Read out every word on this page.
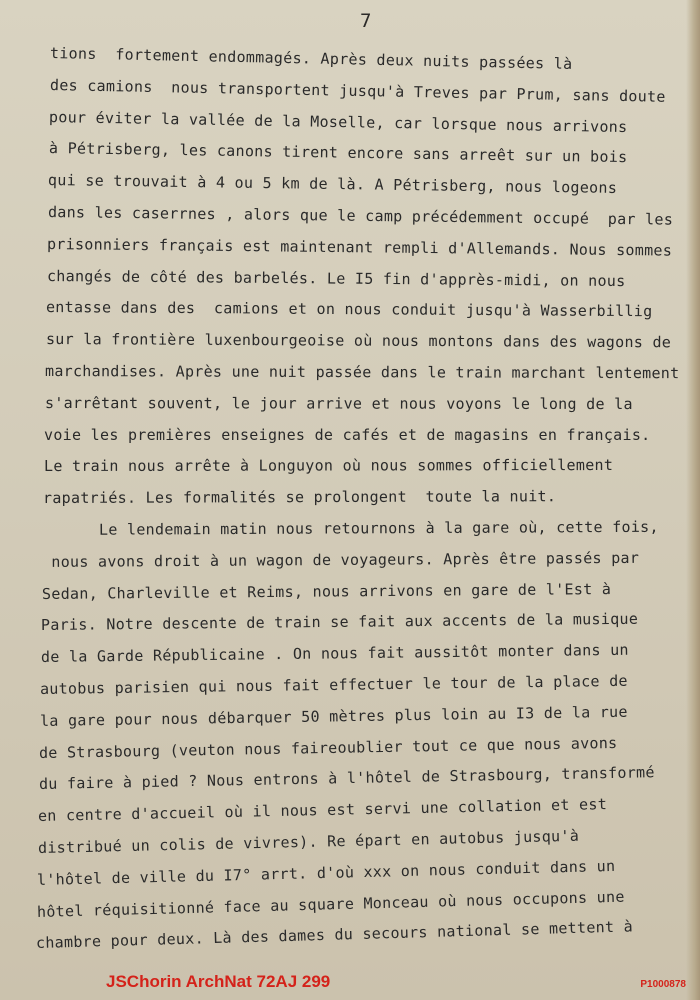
7
tions  fortement endommagés. Après deux nuits passées là
des camions  nous transportent jusqu'à Treves par Prum, sans doute
pour éviter la vallée de la Moselle, car lorsque nous arrivons
à Pétrisberg, les canons tirent encore sans arreêt sur un bois
qui se trouvait à 4 ou 5 km de là. A Pétrisberg, nous logeons
dans les caserrnes , alors que le camp précédemment occupé  par les
prisonniers français est maintenant rempli d'Allemands. Nous sommes
changés de côté des barbelés. Le I5 fin d'apprès-midi, on nous
entasse dans des  camions et on nous conduit jusqu'à Wasserbillig
sur la frontière luxenbourgeoise où nous montons dans des wagons de
marchandises. Après une nuit passée dans le train marchant lentement
s'arrêtant souvent, le jour arrive et nous voyons le long de la
voie les premières enseignes de cafés et de magasins en français.
Le train nous arrête à Longuyon où nous sommes officiellement
rapatriés. Les formalités se prolongent  toute la nuit.
Le lendemain matin nous retournons à la gare où, cette fois,
nous avons droit à un wagon de voyageurs. Après être passés par
Sedan, Charleville et Reims, nous arrivons en gare de l'Est à
Paris. Notre descente de train se fait aux accents de la musique
de la Garde Républicaine . On nous fait aussitôt monter dans un
autobus parisien qui nous fait effectuer le tour de la place de
la gare pour nous débarquer 50 mètres plus loin au I3 de la rue
de Strasbourg (veuton nous faireoublier tout ce que nous avons
du faire à pied ? Nous entrons à l'hôtel de Strasbourg, transformé
en centre d'accueil où il nous est servi une collation et est
distribué un colis de vivres). Re épart en autobus jusqu'à
l'hôtel de ville du I7° arrt. d'où xxx on nous conduit dans un
hôtel réquisitionné face au square Monceau où nous occupons une
chambre pour deux. Là des dames du secours national se mettent à
JSChorin ArchNat 72AJ 299	P1000878
